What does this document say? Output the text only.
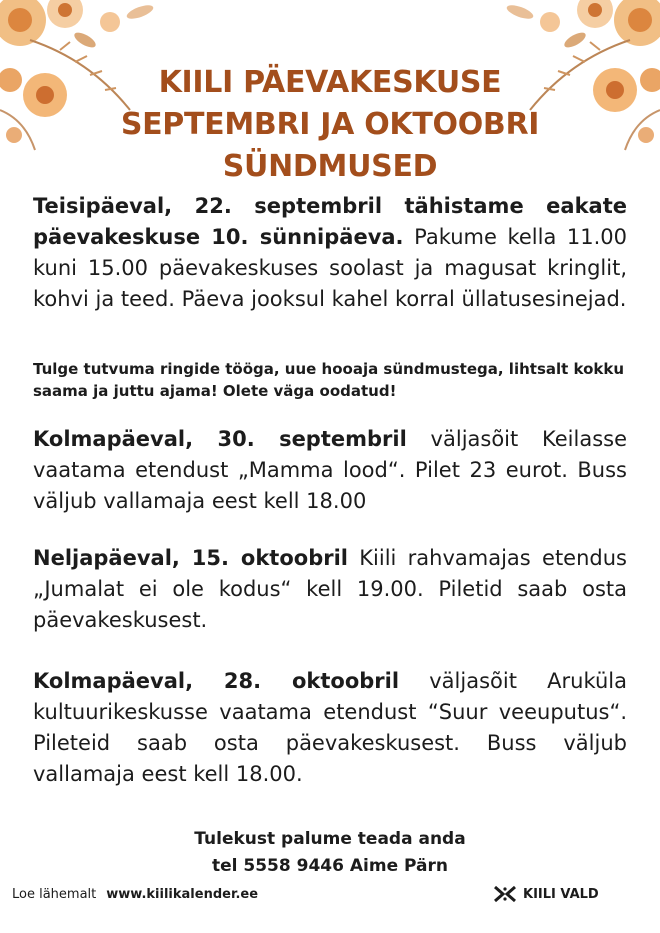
KIILI PÄEVAKESKUSE
SEPTEMBRI JA OKTOOBRI
SÜNDMUSED

Teisipäeval, 22. septembril tähistame eakate päevakeskuse 10. sünnipäeva. Pakume kella 11.00 kuni 15.00 päevakeskuses soolast ja magusat kringlit, kohvi ja teed. Päeva jooksul kahel korral üllatusesinejad.

Tulge tutvuma ringide tööga, uue hooaja sündmustega, lihtsalt kokku saama ja juttu ajama! Olete väga oodatud!

Kolmapäeval, 30. septembril väljasõit Keilasse vaatama etendust „Mamma lood“. Pilet 23 eurot. Buss väljub vallamaja eest kell 18.00

Neljapäeval, 15. oktoobril Kiili rahvamajas etendus „Jumalat ei ole kodus“ kell 19.00. Piletid saab osta päevakeskusest.

Kolmapäeval, 28. oktoobril väljasõit Aruküla kultuurikeskusse vaatama etendust “Suur veeuputus“. Pileteid saab osta päevakeskusest. Buss väljub vallamaja eest kell 18.00.

Tulekust palume teada anda
tel 5558 9446 Aime Pärn
Loe lähemalt www.kiilikalender.ee	KIILI VALD
